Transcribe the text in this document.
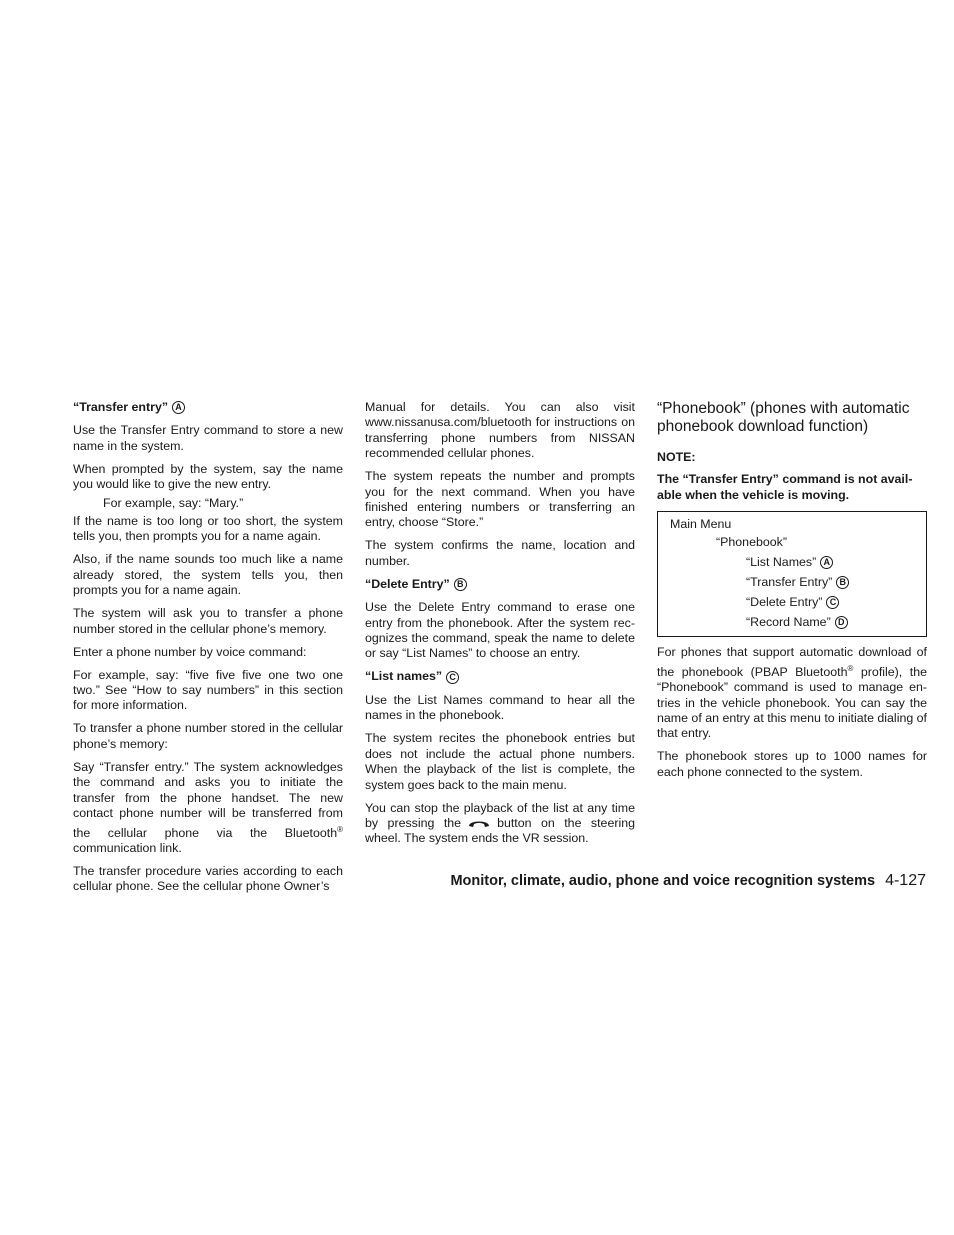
“Transfer entry” A

Use the Transfer Entry command to store a new name in the system.

When prompted by the system, say the name you would like to give the new entry.

For example, say: “Mary.”

If the name is too long or too short, the system tells you, then prompts you for a name again.

Also, if the name sounds too much like a name already stored, the system tells you, then prompts you for a name again.

The system will ask you to transfer a phone number stored in the cellular phone’s memory.

Enter a phone number by voice command:

For example, say: “five five five one two one two.” See “How to say numbers” in this section for more information.

To transfer a phone number stored in the cellular phone’s memory:

Say “Transfer entry.” The system acknowledges the command and asks you to initiate the transfer from the phone handset. The new contact phone number will be transferred from the cellular phone via the Bluetooth® communication link.

The transfer procedure varies according to each cellular phone. See the cellular phone Owner’s

Manual for details. You can also visit www.nissanusa.com/bluetooth for instructions on transferring phone numbers from NISSAN recommended cellular phones.

The system repeats the number and prompts you for the next command. When you have finished entering numbers or transferring an entry, choose “Store.”

The system confirms the name, location and number.

“Delete Entry” B

Use the Delete Entry command to erase one entry from the phonebook. After the system rec-ognizes the command, speak the name to delete or say “List Names” to choose an entry.

“List names” C

Use the List Names command to hear all the names in the phonebook.

The system recites the phonebook entries but does not include the actual phone numbers. When the playback of the list is complete, the system goes back to the main menu.

You can stop the playback of the list at any time by pressing the	button on the steering wheel. The system ends the VR session.

“Phonebook” (phones with automatic phonebook download function)
NOTE:
The “Transfer Entry” command is not avail-able when the vehicle is moving.
Main Menu
“Phonebook”
“List Names” A
“Transfer Entry” B
“Delete Entry” C
“Record Name” D

For phones that support automatic download of the phonebook (PBAP Bluetooth® profile), the “Phonebook” command is used to manage en-tries in the vehicle phonebook. You can say the name of an entry at this menu to initiate dialing of that entry.

The phonebook stores up to 1000 names for each phone connected to the system.

Monitor, climate, audio, phone and voice recognition systems 4-127
